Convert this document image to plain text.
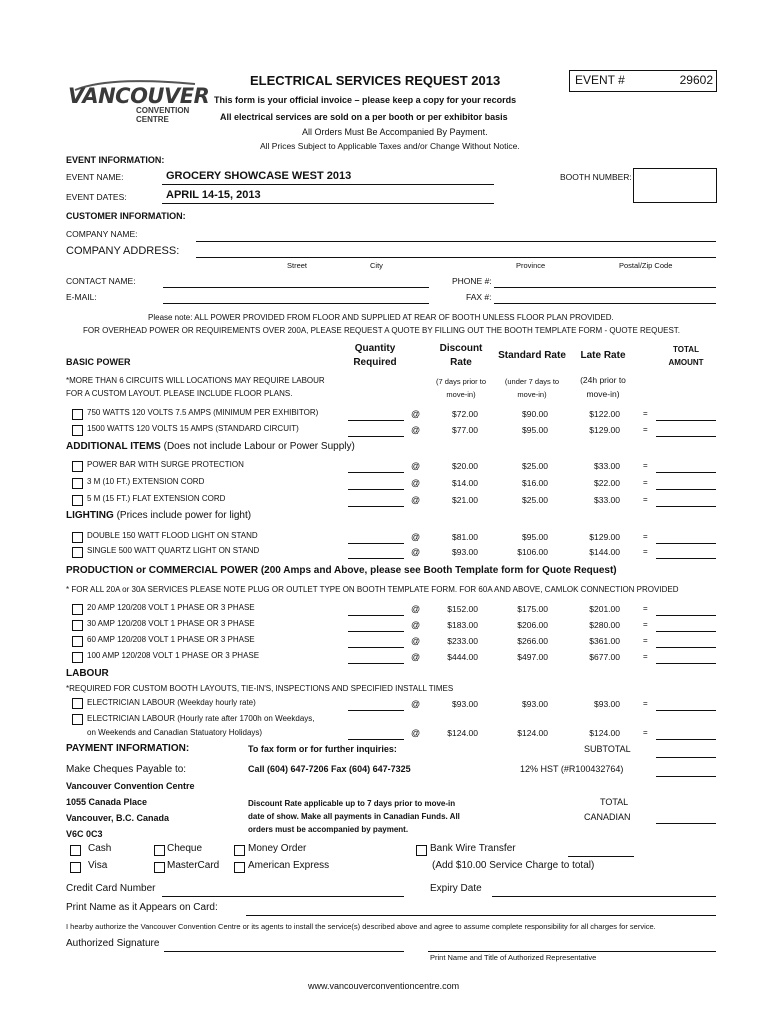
VANCOUVER
CONVENTION
CENTRE
ELECTRICAL SERVICES REQUEST 2013
This form is your official invoice – please keep a copy for your records
All electrical services are sold on a per booth or per exhibitor basis
All Orders Must Be Accompanied By Payment.
All Prices Subject to Applicable Taxes and/or Change Without Notice.
EVENT #	29602
EVENT INFORMATION:
EVENT NAME:	GROCERY SHOWCASE WEST 2013
EVENT DATES:	APRIL 14-15, 2013
BOOTH NUMBER:
CUSTOMER INFORMATION:
COMPANY NAME:
COMPANY ADDRESS:
Street	City	Province	Postal/Zip Code
CONTACT NAME:	PHONE #:
E-MAIL:	FAX #:
Please note: ALL POWER PROVIDED FROM FLOOR AND SUPPLIED AT REAR OF BOOTH UNLESS FLOOR PLAN PROVIDED.
FOR OVERHEAD POWER OR REQUIREMENTS OVER 200A, PLEASE REQUEST A QUOTE BY FILLING OUT THE BOOTH TEMPLATE FORM - QUOTE REQUEST.
Quantity
Required
Discount
Rate
Standard Rate	Late Rate
TOTAL
AMOUNT
BASIC POWER
*MORE THAN 6 CIRCUITS WILL LOCATIONS MAY REQUIRE LABOUR
FOR A CUSTOM LAYOUT. PLEASE INCLUDE FLOOR PLANS.
(7 days prior to
move-in)
(under 7 days to
move-in)
(24h prior to
move-in)
ADDITIONAL ITEMS (Does not include Labour or Power Supply)
LIGHTING (Prices include power for light)
PRODUCTION or COMMERCIAL POWER (200 Amps and Above, please see Booth Template form for Quote Request)
* FOR ALL 20A or 30A SERVICES PLEASE NOTE PLUG OR OUTLET TYPE ON BOOTH TEMPLATE FORM. FOR 60A AND ABOVE, CAMLOK CONNECTION PROVIDED
LABOUR
*REQUIRED FOR CUSTOM BOOTH LAYOUTS, TIE-IN'S, INSPECTIONS AND SPECIFIED INSTALL TIMES
ELECTRICIAN LABOUR (Weekday hourly rate)	@	$93.00	$93.00	$93.00	=
ELECTRICIAN LABOUR (Hourly rate after 1700h on Weekdays,
on Weekends and Canadian Statuatory Holidays)	@	$124.00	$124.00	$124.00	=
PAYMENT INFORMATION:	To fax form or for further inquiries:	SUBTOTAL
Make Cheques Payable to:	Call (604) 647-7206 Fax (604) 647-7325	12% HST (#R100432764)
Vancouver Convention Centre
1055 Canada Place
Vancouver, B.C. Canada
V6C 0C3
Discount Rate applicable up to 7 days prior to move-in
date of show. Make all payments in Canadian Funds. All
orders must be accompanied by payment.
TOTAL
CANADIAN
Cash	Cheque	Money Order	Bank Wire Transfer
Visa	MasterCard	American Express	(Add $10.00 Service Charge to total)
Credit Card Number	Expiry Date
Print Name as it Appears on Card:
I hearby authorize the Vancouver Convention Centre or its agents to install the service(s) described above and agree to assume complete responsibility for all charges for service.
Authorized Signature
Print Name and Title of Authorized Representative
www.vancouverconventioncentre.com
750 WATTS 120 VOLTS 7.5 AMPS (MINIMUM PER EXHIBITOR)	@	$72.00	$90.00	$122.00	=
1500 WATTS 120 VOLTS 15 AMPS (STANDARD CIRCUIT)	@	$77.00	$95.00	$129.00	=
POWER BAR WITH SURGE PROTECTION	@	$20.00	$25.00	$33.00	=
3 M (10 FT.) EXTENSION CORD	@	$14.00	$16.00	$22.00	=
5 M (15 FT.) FLAT EXTENSION CORD	@	$21.00	$25.00	$33.00	=
DOUBLE 150 WATT FLOOD LIGHT ON STAND	@	$81.00	$95.00	$129.00	=
SINGLE 500 WATT QUARTZ LIGHT ON STAND	@	$93.00	$106.00	$144.00	=
20 AMP 120/208 VOLT 1 PHASE OR 3 PHASE	@	$152.00	$175.00	$201.00	=
30 AMP 120/208 VOLT 1 PHASE OR 3 PHASE	@	$183.00	$206.00	$280.00	=
60 AMP 120/208 VOLT 1 PHASE OR 3 PHASE	@	$233.00	$266.00	$361.00	=
100 AMP 120/208 VOLT 1 PHASE OR 3 PHASE	@	$444.00	$497.00	$677.00	=
